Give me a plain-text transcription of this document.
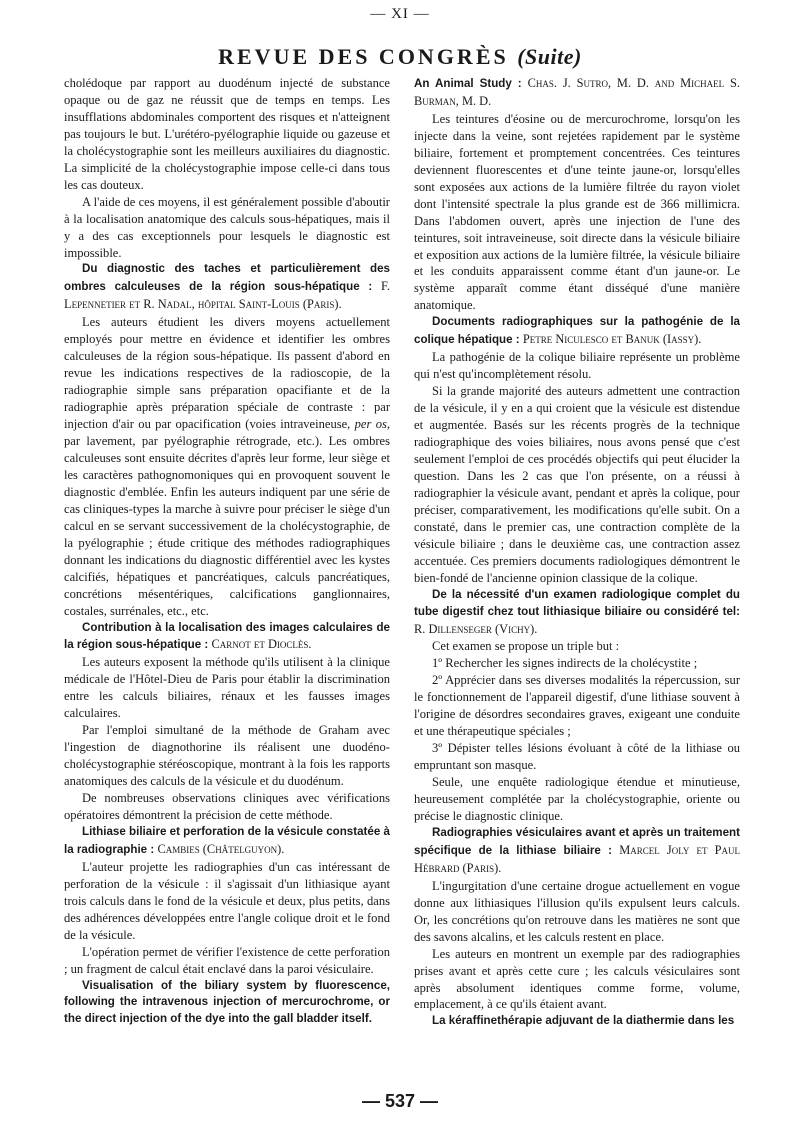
— XI —
REVUE DES CONGRÈS (Suite)

cholédoque par rapport au duodénum injecté de substance opaque ou de gaz ne réussit que de temps en temps. Les insufflations abdominales comportent des risques et n'atteignent pas toujours le but. L'urétéro-pyélographie liquide ou gazeuse et la cholécystographie sont les meilleurs auxiliaires du diagnostic. La simplicité de la cholécystographie impose celle-ci dans tous les cas douteux.

A l'aide de ces moyens, il est généralement possible d'aboutir à la localisation anatomique des calculs sous-hépatiques, mais il y a des cas exceptionnels pour lesquels le diagnostic est impossible.

Du diagnostic des taches et particulièrement des ombres calculeuses de la région sous-hépatique : F. Lepennetier et R. Nadal, hôpital Saint-Louis (Paris).

Les auteurs étudient les divers moyens actuellement employés pour mettre en évidence et identifier les ombres calculeuses de la région sous-hépatique. Ils passent d'abord en revue les indications respectives de la radioscopie, de la radiographie simple sans préparation opacifiante et de la radiographie après préparation spéciale de contraste : par injection d'air ou par opacification (voies intraveineuse, per os, par lavement, par pyélographie rétrograde, etc.). Les ombres calculeuses sont ensuite décrites d'après leur forme, leur siège et les caractères pathognomoniques qui en provoquent souvent le diagnostic d'emblée. Enfin les auteurs indiquent par une série de cas cliniques-types la marche à suivre pour préciser le siège d'un calcul en se servant successivement de la cholécystographie, de la pyélographie ; étude critique des méthodes radiographiques donnant les indications du diagnostic différentiel avec les kystes calcifiés, hépatiques et pancréatiques, calculs pancréatiques, concrétions mésentériques, calcifications ganglionnaires, costales, surrénales, etc., etc.

Contribution à la localisation des images calculaires de la région sous-hépatique : Carnot et Dioclès.

Les auteurs exposent la méthode qu'ils utilisent à la clinique médicale de l'Hôtel-Dieu de Paris pour établir la discrimination entre les calculs biliaires, rénaux et les fausses images calculaires.

Par l'emploi simultané de la méthode de Graham avec l'ingestion de diagnothorine ils réalisent une duodéno-cholécystographie stéréoscopique, montrant à la fois les rapports anatomiques des calculs de la vésicule et du duodénum.

De nombreuses observations cliniques avec vérifications opératoires démontrent la précision de cette méthode.

Lithiase biliaire et perforation de la vésicule constatée à la radiographie : Cambies (Châtelguyon).

L'auteur projette les radiographies d'un cas intéressant de perforation de la vésicule : il s'agissait d'un lithiasique ayant trois calculs dans le fond de la vésicule et deux, plus petits, dans des adhérences développées entre l'angle colique droit et le fond de la vésicule.

L'opération permet de vérifier l'existence de cette perforation ; un fragment de calcul était enclavé dans la paroi vésiculaire.

Visualisation of the biliary system by fluorescence, following the intravenous injection of mercurochrome, or the direct injection of the dye into the gall bladder itself.

An Animal Study : Chas. J. Sutro, M. D. and Michael S. Burman, M. D.

Les teintures d'éosine ou de mercurochrome, lorsqu'on les injecte dans la veine, sont rejetées rapidement par le système biliaire, fortement et promptement concentrées. Ces teintures deviennent fluorescentes et d'une teinte jaune-or, lorsqu'elles sont exposées aux actions de la lumière filtrée du rayon violet dont l'intensité spectrale la plus grande est de 366 millimicra. Dans l'abdomen ouvert, après une injection de l'une des teintures, soit intraveineuse, soit directe dans la vésicule biliaire et exposition aux actions de la lumière filtrée, la vésicule biliaire et les conduits apparaissent comme étant d'un jaune-or. Le système apparaît comme étant disséqué d'une manière anatomique.

Documents radiographiques sur la pathogénie de la colique hépatique : Petre Niculesco et Banuk (Iassy).

La pathogénie de la colique biliaire représente un problème qui n'est qu'incomplètement résolu.

Si la grande majorité des auteurs admettent une contraction de la vésicule, il y en a qui croient que la vésicule est distendue et augmentée. Basés sur les récents progrès de la technique radiographique des voies biliaires, nous avons pensé que c'est seulement l'emploi de ces procédés objectifs qui peut élucider la question. Dans les 2 cas que l'on présente, on a réussi à radiographier la vésicule avant, pendant et après la colique, pour préciser, comparativement, les modifications qu'elle subit. On a constaté, dans le premier cas, une contraction complète de la vésicule biliaire ; dans le deuxième cas, une contraction assez accentuée. Ces premiers documents radiologiques démontrent le bien-fondé de l'ancienne opinion classique de la colique.

De la nécessité d'un examen radiologique complet du tube digestif chez tout lithiasique biliaire ou considéré tel: R. Dillenseger (Vichy).

Cet examen se propose un triple but :

1º Rechercher les signes indirects de la cholécystite ;

2º Apprécier dans ses diverses modalités la répercussion, sur le fonctionnement de l'appareil digestif, d'une lithiase souvent à l'origine de désordres secondaires graves, exigeant une conduite et une thérapeutique spéciales ;

3º Dépister telles lésions évoluant à côté de la lithiase ou empruntant son masque.

Seule, une enquête radiologique étendue et minutieuse, heureusement complétée par la cholécystographie, oriente ou précise le diagnostic clinique.

Radiographies vésiculaires avant et après un traitement spécifique de la lithiase biliaire : Marcel Joly et Paul Hébrard (Paris).

L'ingurgitation d'une certaine drogue actuellement en vogue donne aux lithiasiques l'illusion qu'ils expulsent leurs calculs. Or, les concrétions qu'on retrouve dans les matières ne sont que des savons alcalins, et les calculs restent en place.

Les auteurs en montrent un exemple par des radiographies prises avant et après cette cure ; les calculs vésiculaires sont après absolument identiques comme forme, volume, emplacement, à ce qu'ils étaient avant.

La kéraffinethérapie adjuvant de la diathermie dans les

— 537 —
